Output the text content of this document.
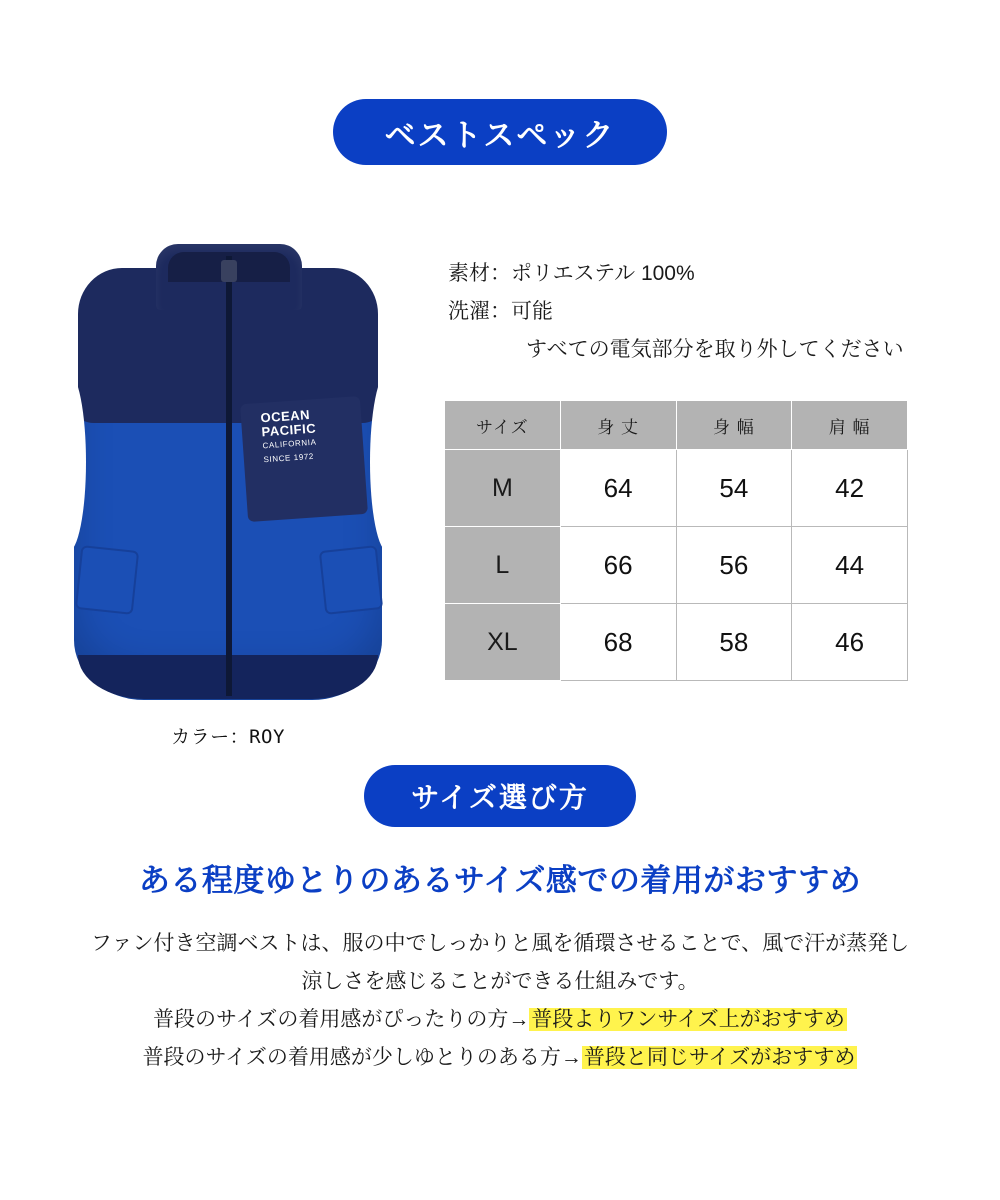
ベストスペック
OCEAN
PACIFIC
CALIFORNIA
SINCE 1972
カラー：ROY
素材：ポリエステル 100%
洗濯：可能
すべての電気部分を取り外してください
サイズ	身 丈	身 幅	肩 幅
M	64	54	42
L	66	56	44
XL	68	58	46
サイズ選び方
ある程度ゆとりのあるサイズ感での着用がおすすめ
ファン付き空調ベストは、服の中でしっかりと風を循環させることで、風で汗が蒸発し
涼しさを感じることができる仕組みです。
普段のサイズの着用感がぴったりの方→普段よりワンサイズ上がおすすめ
普段のサイズの着用感が少しゆとりのある方→普段と同じサイズがおすすめ
